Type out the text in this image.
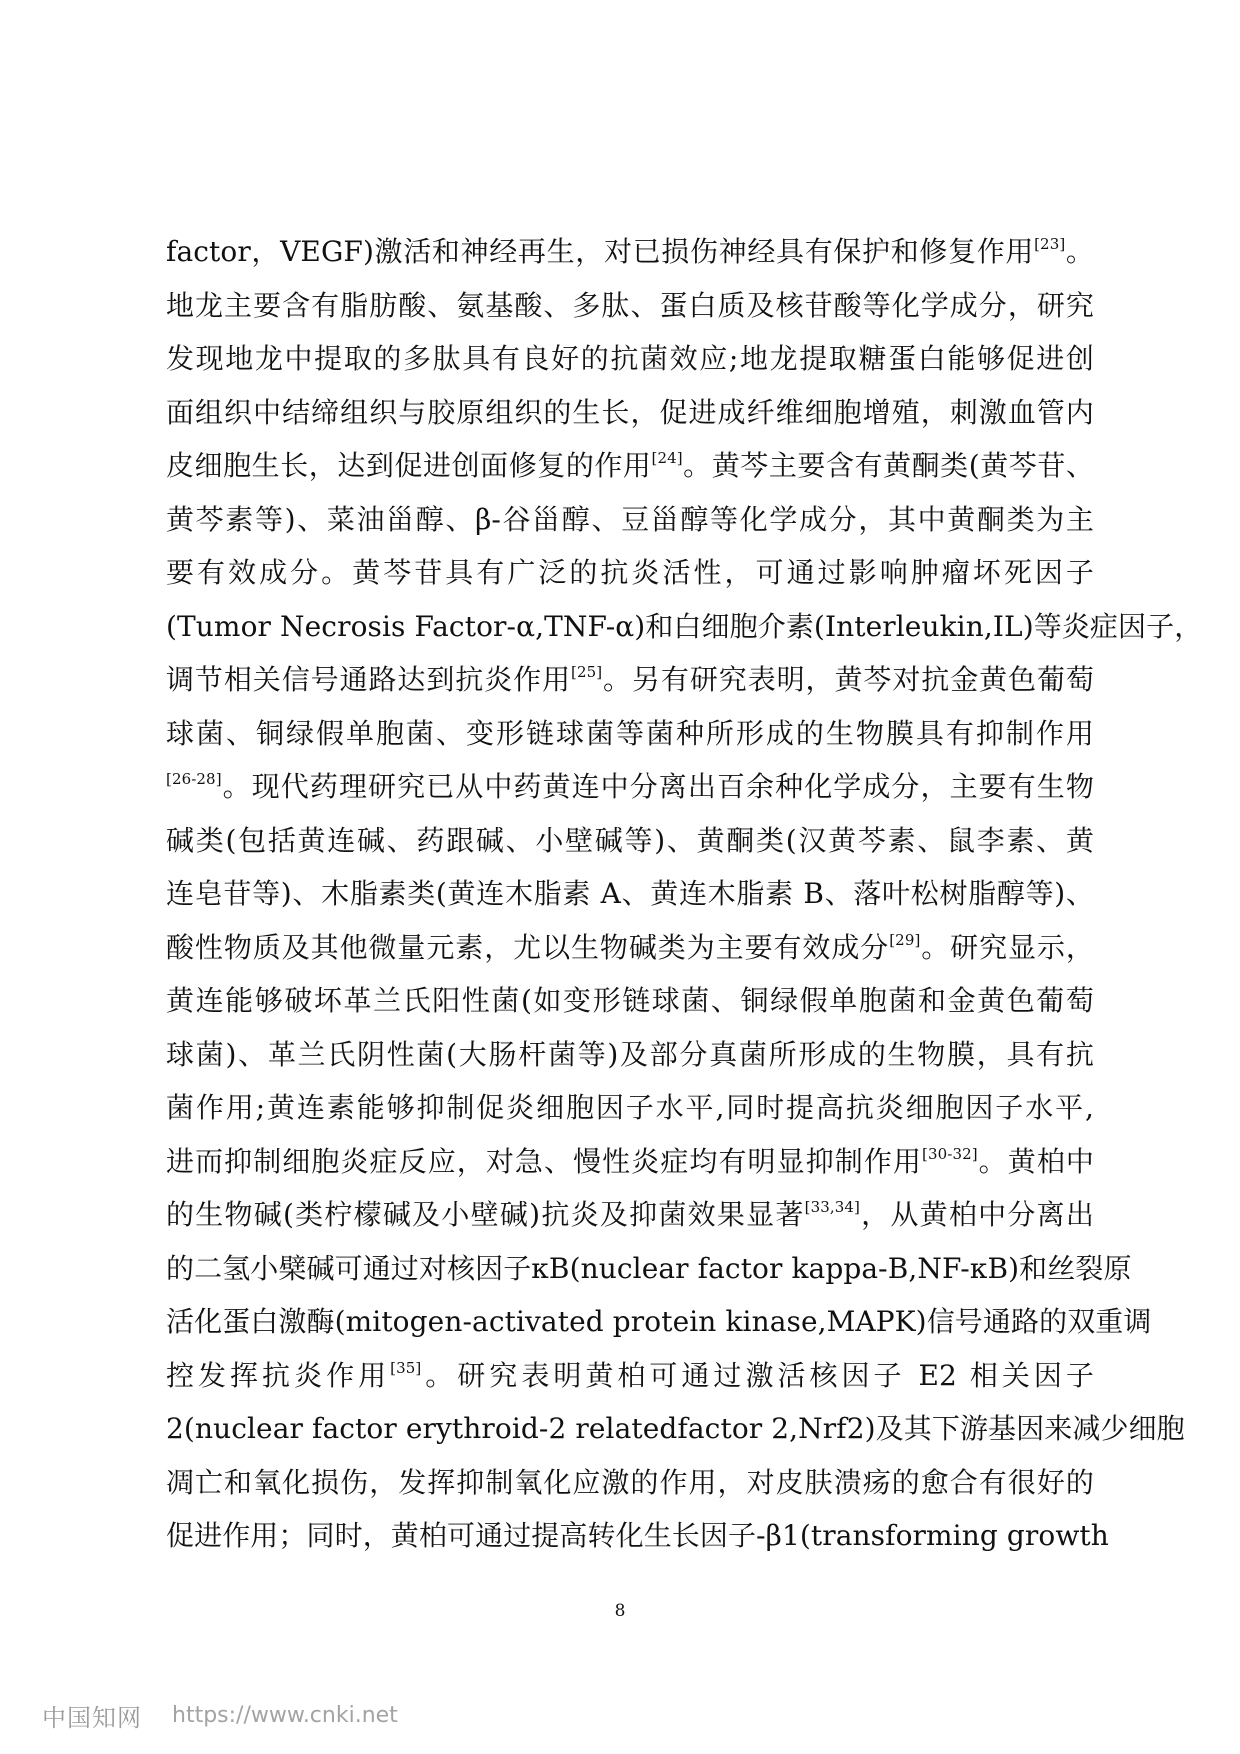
factor，VEGF)激活和神经再生，对已损伤神经具有保护和修复作用[23]。
地龙主要含有脂肪酸、氨基酸、多肽、蛋白质及核苷酸等化学成分，研究
发现地龙中提取的多肽具有良好的抗菌效应;地龙提取糖蛋白能够促进创
面组织中结缔组织与胶原组织的生长，促进成纤维细胞增殖，刺激血管内
皮细胞生长，达到促进创面修复的作用[24]。黄芩主要含有黄酮类(黄芩苷、
黄芩素等)、菜油甾醇、β-谷甾醇、豆甾醇等化学成分，其中黄酮类为主
要有效成分。黄芩苷具有广泛的抗炎活性，可通过影响肿瘤坏死因子
(Tumor Necrosis Factor-α,TNF-α)和白细胞介素(Interleukin,IL)等炎症因子，
调节相关信号通路达到抗炎作用[25]。另有研究表明，黄芩对抗金黄色葡萄
球菌、铜绿假单胞菌、变形链球菌等菌种所形成的生物膜具有抑制作用
[26-28]。现代药理研究已从中药黄连中分离出百余种化学成分，主要有生物
碱类(包括黄连碱、药跟碱、小壁碱等)、黄酮类(汉黄芩素、鼠李素、黄
连皂苷等)、木脂素类(黄连木脂素 A、黄连木脂素 B、落叶松树脂醇等)、
酸性物质及其他微量元素，尤以生物碱类为主要有效成分[29]。研究显示，
黄连能够破坏革兰氏阳性菌(如变形链球菌、铜绿假单胞菌和金黄色葡萄
球菌)、革兰氏阴性菌(大肠杆菌等)及部分真菌所形成的生物膜，具有抗
菌作用;黄连素能够抑制促炎细胞因子水平,同时提高抗炎细胞因子水平,
进而抑制细胞炎症反应，对急、慢性炎症均有明显抑制作用[30-32]。黄柏中
的生物碱(类柠檬碱及小壁碱)抗炎及抑菌效果显著[33,34]，从黄柏中分离出
的二氢小檗碱可通过对核因子κB(nuclear factor kappa-B,NF-κB)和丝裂原
活化蛋白激酶(mitogen-activated protein kinase,MAPK)信号通路的双重调
控发挥抗炎作用[35]。研究表明黄柏可通过激活核因子 E2 相关因子
2(nuclear factor erythroid-2 relatedfactor 2,Nrf2)及其下游基因来减少细胞
凋亡和氧化损伤，发挥抑制氧化应激的作用，对皮肤溃疡的愈合有很好的
促进作用；同时，黄柏可通过提高转化生长因子-β1(transforming growth
8
中国知网 https://www.cnki.net
